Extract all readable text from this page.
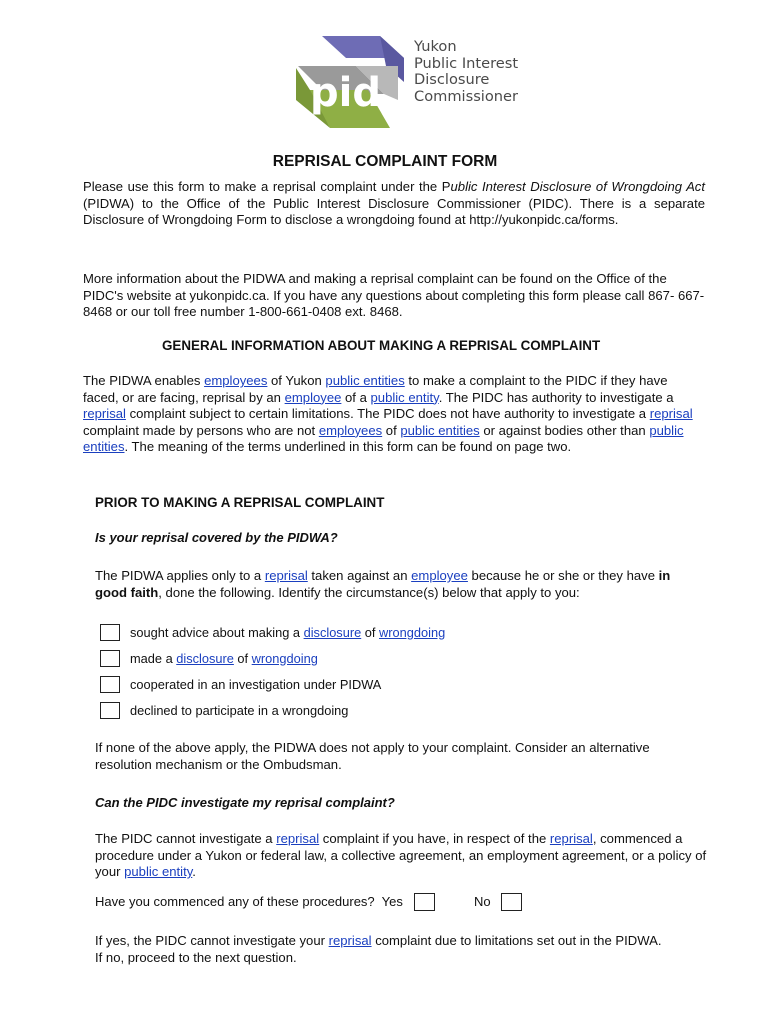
pid
Yukon
Public Interest
Disclosure
Commissioner
REPRISAL COMPLAINT FORM

Please use this form to make a reprisal complaint under the Public Interest Disclosure of Wrongdoing Act (PIDWA) to the Office of the Public Interest Disclosure Commissioner (PIDC). There is a separate Disclosure of Wrongdoing Form to disclose a wrongdoing found at http://yukonpidc.ca/forms.

More information about the PIDWA and making a reprisal complaint can be found on the Office of the PIDC's website at yukonpidc.ca. If you have any questions about completing this form please call 867- 667- 8468 or our toll free number 1-800-661-0408 ext. 8468.

GENERAL INFORMATION ABOUT MAKING A REPRISAL COMPLAINT

The PIDWA enables employees of Yukon public entities to make a complaint to the PIDC if they have faced, or are facing, reprisal by an employee of a public entity. The PIDC has authority to investigate a reprisal complaint subject to certain limitations. The PIDC does not have authority to investigate a reprisal complaint made by persons who are not employees of public entities or against bodies other than public entities. The meaning of the terms underlined in this form can be found on page two.

PRIOR TO MAKING A REPRISAL COMPLAINT
Is your reprisal covered by the PIDWA?

The PIDWA applies only to a reprisal taken against an employee because he or she or they have in good faith, done the following. Identify the circumstance(s) below that apply to you:

sought advice about making a disclosure of wrongdoing
made a disclosure of wrongdoing
cooperated in an investigation under PIDWA
declined to participate in a wrongdoing

If none of the above apply, the PIDWA does not apply to your complaint. Consider an alternative resolution mechanism or the Ombudsman.

Can the PIDC investigate my reprisal complaint?

The PIDC cannot investigate a reprisal complaint if you have, in respect of the reprisal, commenced a procedure under a Yukon or federal law, a collective agreement, an employment agreement, or a policy of your public entity.

Have you commenced any of these procedures? Yes	No

If yes, the PIDC cannot investigate your reprisal complaint due to limitations set out in the PIDWA.
If no, proceed to the next question.
